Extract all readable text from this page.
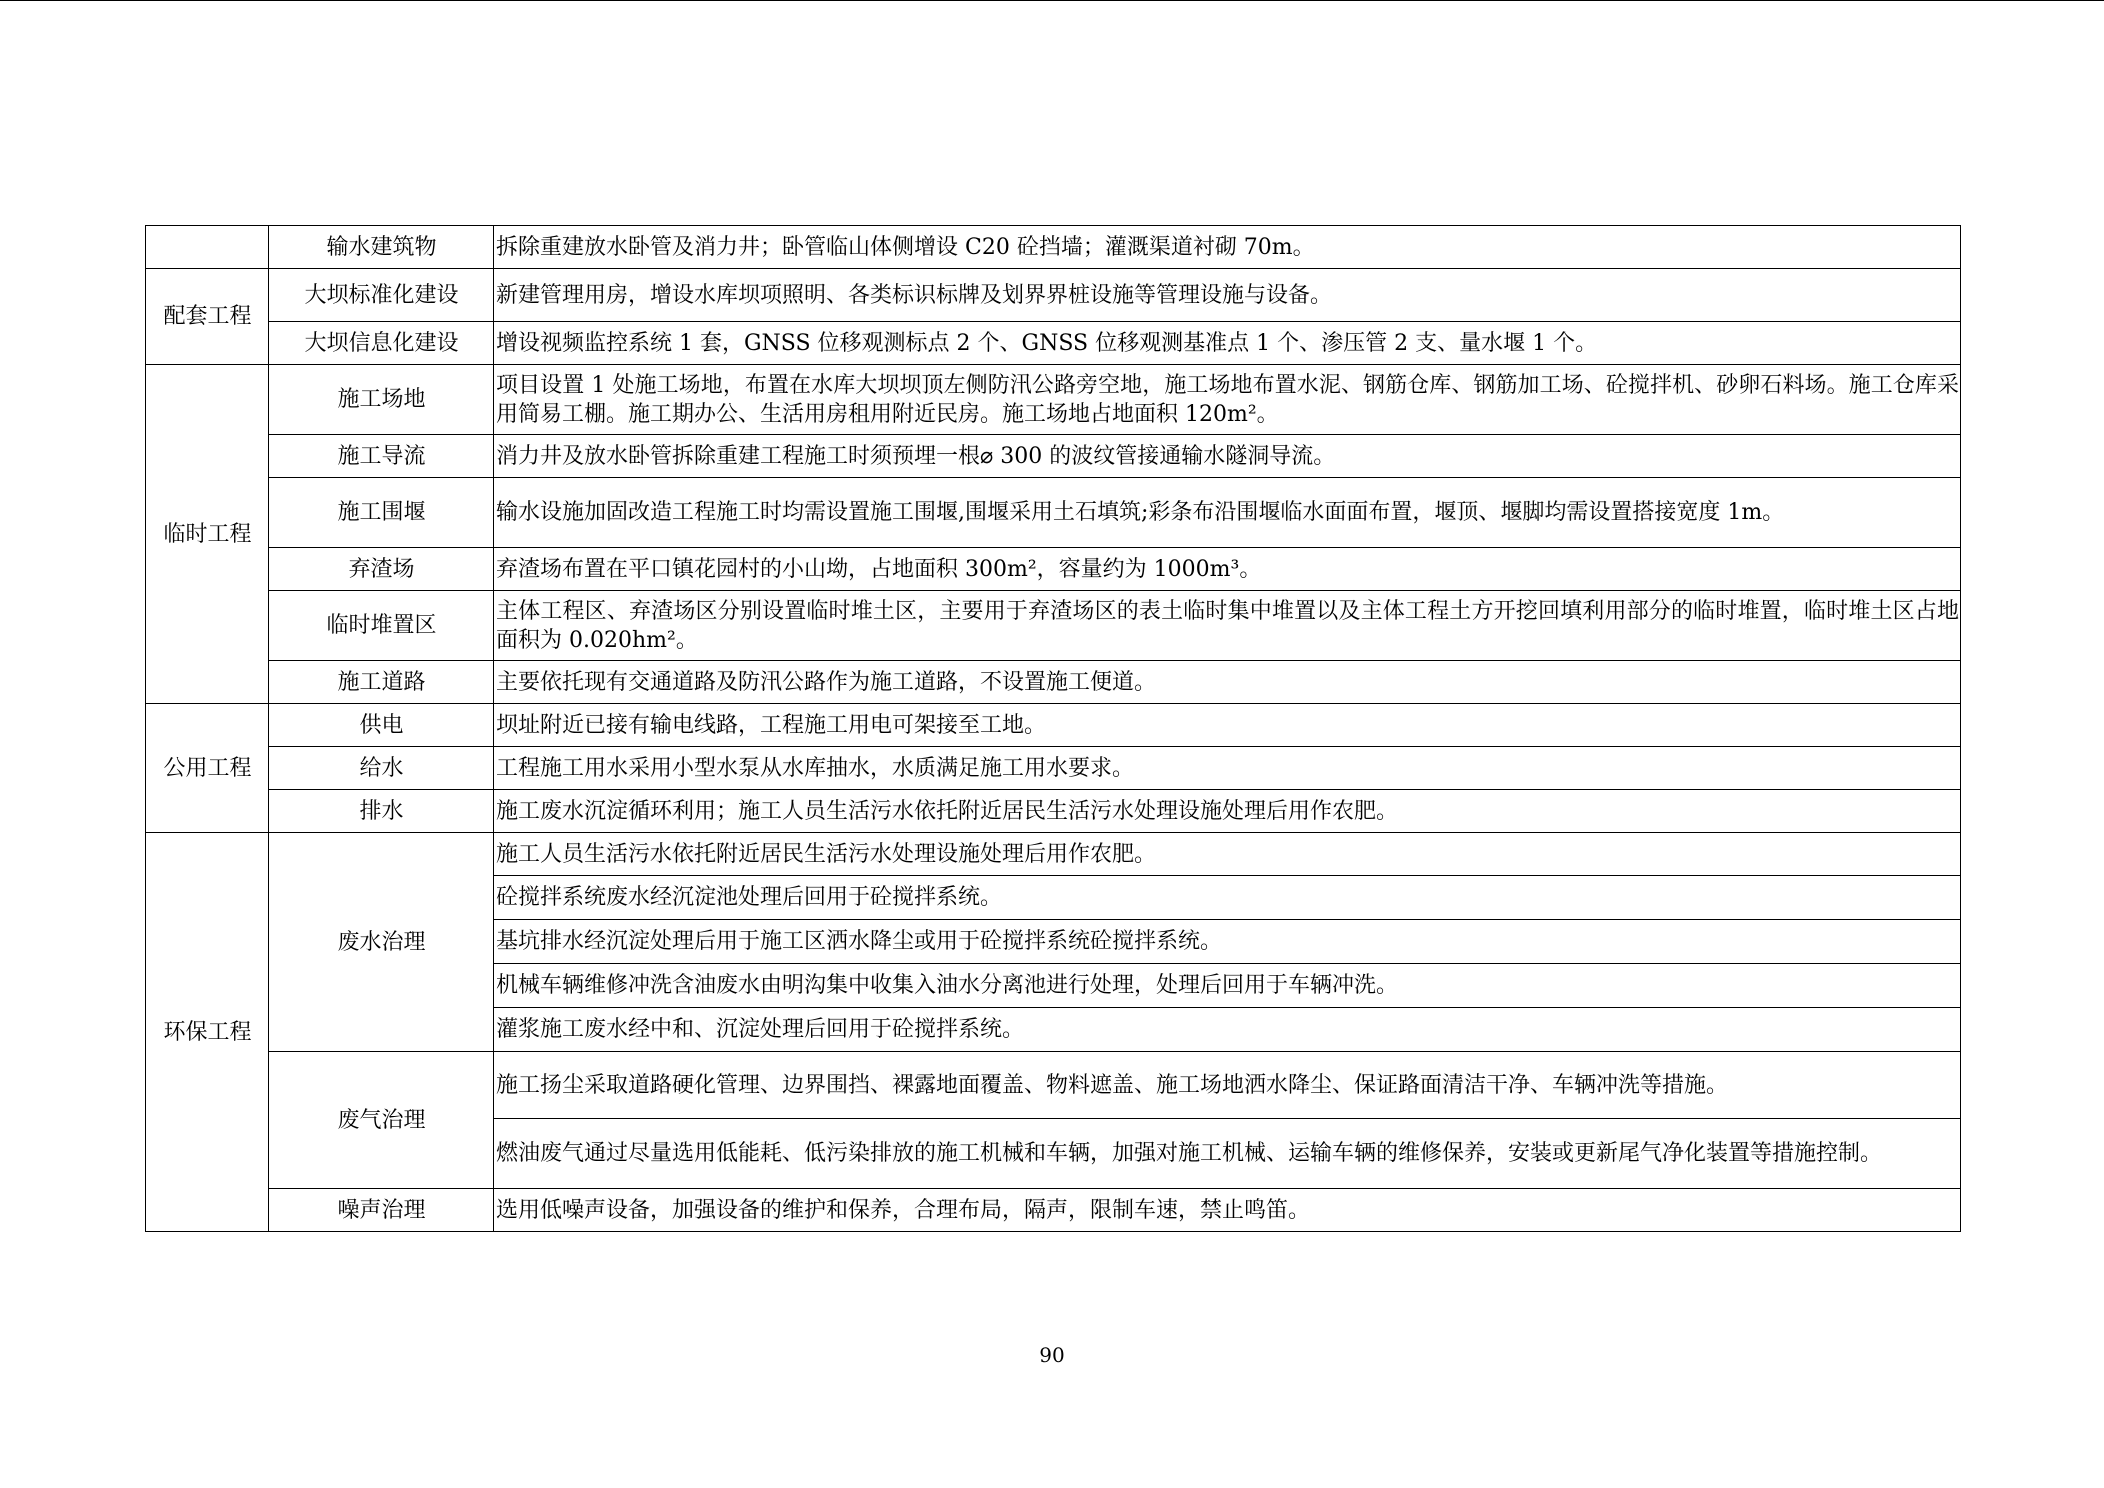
	输水建筑物	拆除重建放水卧管及消力井；卧管临山体侧增设 C20 砼挡墙；灌溉渠道衬砌 70m。
配套工程	大坝标准化建设	新建管理用房，增设水库坝项照明、各类标识标牌及划界界桩设施等管理设施与设备。
	大坝信息化建设	增设视频监控系统 1 套，GNSS 位移观测标点 2 个、GNSS 位移观测基准点 1 个、渗压管 2 支、量水堰 1 个。
临时工程	施工场地	项目设置 1 处施工场地，布置在水库大坝坝顶左侧防汛公路旁空地，施工场地布置水泥、钢筋仓库、钢筋加工场、砼搅拌机、砂卵石料场。施工仓库采用简易工棚。施工期办公、生活用房租用附近民房。施工场地占地面积 120m²。
	施工导流	消力井及放水卧管拆除重建工程施工时须预埋一根⌀ 300 的波纹管接通输水隧洞导流。
	施工围堰	输水设施加固改造工程施工时均需设置施工围堰,围堰采用土石填筑;彩条布沿围堰临水面面布置，堰顶、堰脚均需设置搭接宽度 1m。
	弃渣场	弃渣场布置在平口镇花园村的小山坳，占地面积 300m²，容量约为 1000m³。
	临时堆置区	主体工程区、弃渣场区分别设置临时堆土区，主要用于弃渣场区的表土临时集中堆置以及主体工程土方开挖回填利用部分的临时堆置，临时堆土区占地面积为 0.020hm²。
	施工道路	主要依托现有交通道路及防汛公路作为施工道路，不设置施工便道。
公用工程	供电	坝址附近已接有输电线路，工程施工用电可架接至工地。
	给水	工程施工用水采用小型水泵从水库抽水，水质满足施工用水要求。
	排水	施工废水沉淀循环利用；施工人员生活污水依托附近居民生活污水处理设施处理后用作农肥。
环保工程	废水治理	施工人员生活污水依托附近居民生活污水处理设施处理后用作农肥。
		砼搅拌系统废水经沉淀池处理后回用于砼搅拌系统。
		基坑排水经沉淀处理后用于施工区洒水降尘或用于砼搅拌系统砼搅拌系统。
		机械车辆维修冲洗含油废水由明沟集中收集入油水分离池进行处理，处理后回用于车辆冲洗。
		灌浆施工废水经中和、沉淀处理后回用于砼搅拌系统。
	废气治理	施工扬尘采取道路硬化管理、边界围挡、裸露地面覆盖、物料遮盖、施工场地洒水降尘、保证路面清洁干净、车辆冲洗等措施。
		燃油废气通过尽量选用低能耗、低污染排放的施工机械和车辆，加强对施工机械、运输车辆的维修保养，安装或更新尾气净化装置等措施控制。
	噪声治理	选用低噪声设备，加强设备的维护和保养，合理布局，隔声，限制车速，禁止鸣笛。
90
